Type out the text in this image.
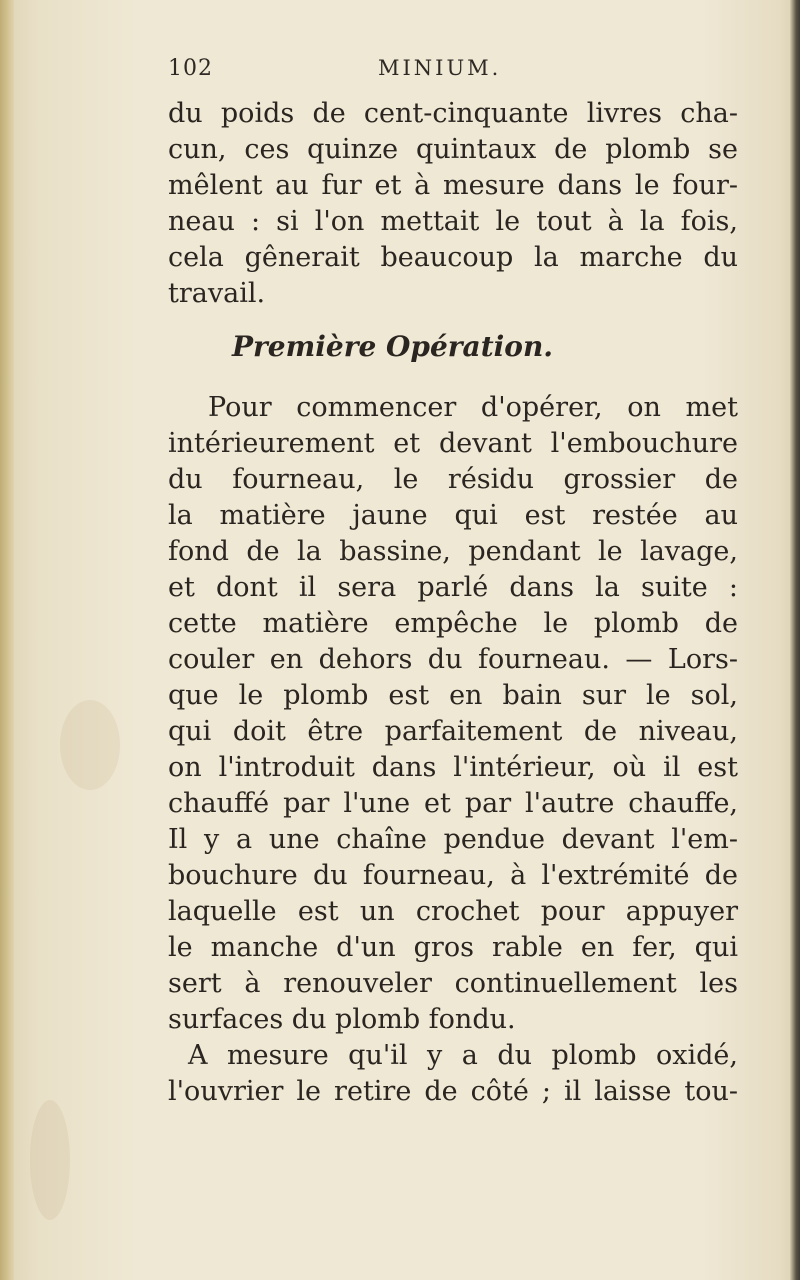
102	MINIUM.
du poids de cent-cinquante livres cha-
cun, ces quinze quintaux de plomb se
mêlent au fur et à mesure dans le four-
neau : si l'on mettait le tout à la fois,
cela gênerait beaucoup la marche du
travail.
Première Opération.
Pour commencer d'opérer, on met
intérieurement et devant l'embouchure
du fourneau, le résidu grossier de
la matière jaune qui est restée au
fond de la bassine, pendant le lavage,
et dont il sera parlé dans la suite :
cette matière empêche le plomb de
couler en dehors du fourneau. — Lors-
que le plomb est en bain sur le sol,
qui doit être parfaitement de niveau,
on l'introduit dans l'intérieur, où il est
chauffé par l'une et par l'autre chauffe,
Il y a une chaîne pendue devant l'em-
bouchure du fourneau, à l'extrémité de
laquelle est un crochet pour appuyer
le manche d'un gros rable en fer, qui
sert à renouveler continuellement les
surfaces du plomb fondu.
A mesure qu'il y a du plomb oxidé,
l'ouvrier le retire de côté ; il laisse tou-
